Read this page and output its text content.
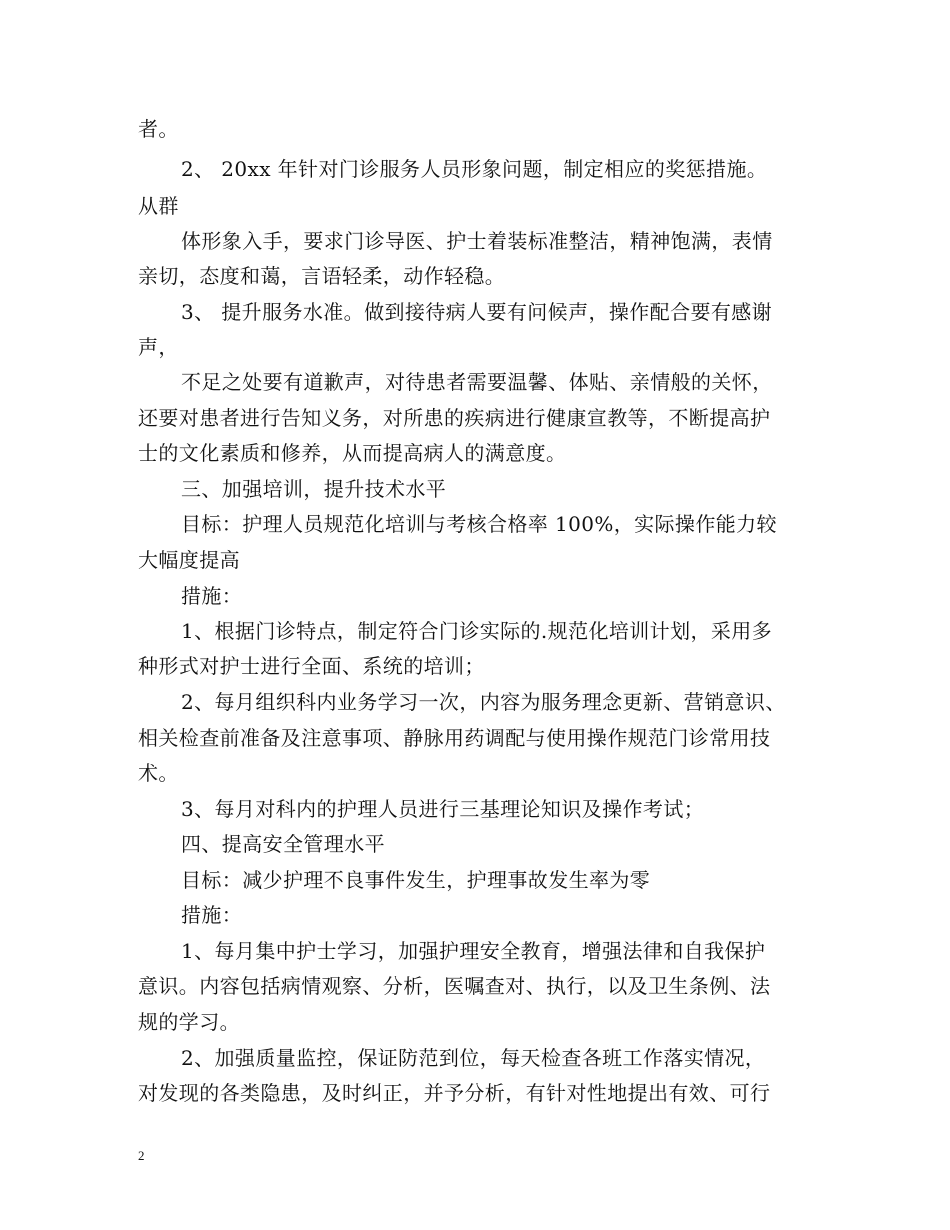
者。
2、 20xx 年针对门诊服务人员形象问题，制定相应的奖惩措施。
从群
体形象入手，要求门诊导医、护士着装标准整洁，精神饱满，表情
亲切，态度和蔼，言语轻柔，动作轻稳。
3、 提升服务水准。做到接待病人要有问候声，操作配合要有感谢
声，
不足之处要有道歉声，对待患者需要温馨、体贴、亲情般的关怀，
还要对患者进行告知义务，对所患的疾病进行健康宣教等，不断提高护
士的文化素质和修养，从而提高病人的满意度。
三、加强培训，提升技术水平
目标：护理人员规范化培训与考核合格率 100%，实际操作能力较
大幅度提高
措施：
1、根据门诊特点，制定符合门诊实际的.规范化培训计划，采用多
种形式对护士进行全面、系统的培训；
2、每月组织科内业务学习一次，内容为服务理念更新、营销意识、
相关检查前准备及注意事项、静脉用药调配与使用操作规范门诊常用技
术。
3、每月对科内的护理人员进行三基理论知识及操作考试；
四、提高安全管理水平
目标：减少护理不良事件发生，护理事故发生率为零
措施：
1、每月集中护士学习，加强护理安全教育，增强法律和自我保护
意识。内容包括病情观察、分析，医嘱查对、执行，以及卫生条例、法
规的学习。
2、加强质量监控，保证防范到位，每天检查各班工作落实情况，
对发现的各类隐患，及时纠正，并予分析，有针对性地提出有效、可行
2
